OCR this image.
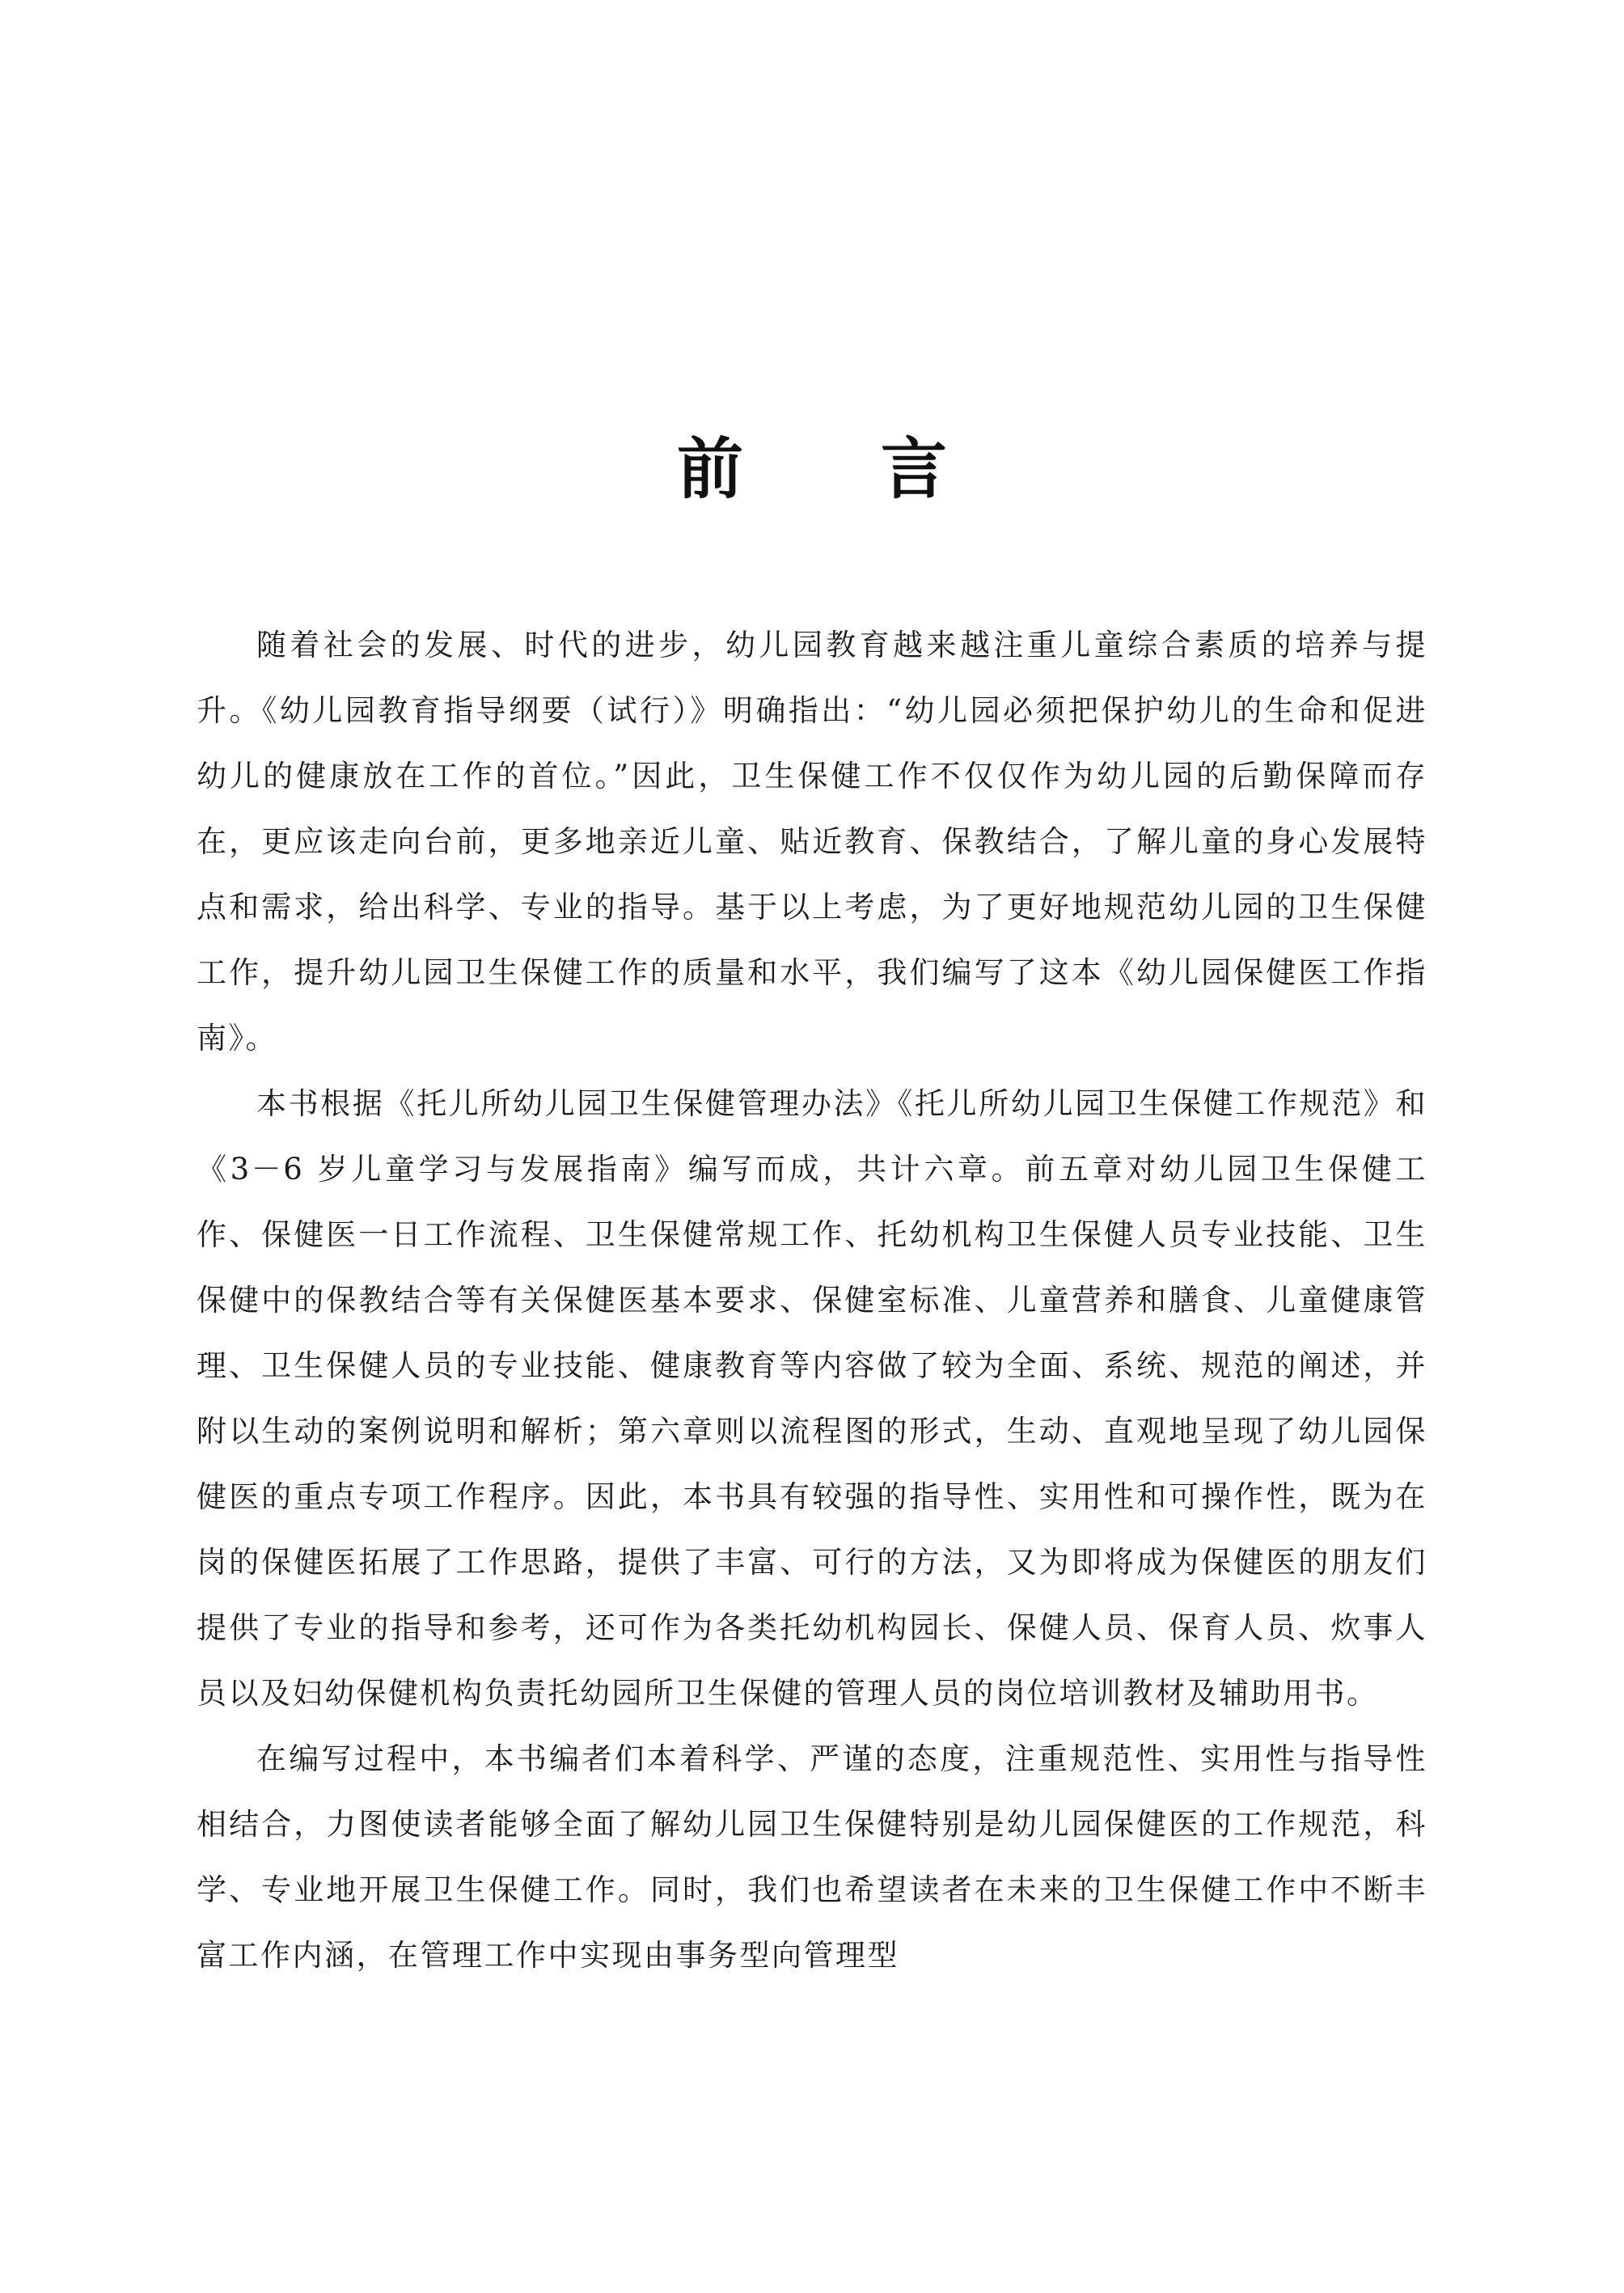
前言

随着社会的发展、时代的进步，幼儿园教育越来越注重儿童综合素质的培养与提升。《幼儿园教育指导纲要（试行）》明确指出：“幼儿园必须把保护幼儿的生命和促进幼儿的健康放在工作的首位。”因此，卫生保健工作不仅仅作为幼儿园的后勤保障而存在，更应该走向台前，更多地亲近儿童、贴近教育、保教结合，了解儿童的身心发展特点和需求，给出科学、专业的指导。基于以上考虑，为了更好地规范幼儿园的卫生保健工作，提升幼儿园卫生保健工作的质量和水平，我们编写了这本《幼儿园保健医工作指南》。

本书根据《托儿所幼儿园卫生保健管理办法》《托儿所幼儿园卫生保健工作规范》和《3－6 岁儿童学习与发展指南》编写而成，共计六章。前五章对幼儿园卫生保健工作、保健医一日工作流程、卫生保健常规工作、托幼机构卫生保健人员专业技能、卫生保健中的保教结合等有关保健医基本要求、保健室标准、儿童营养和膳食、儿童健康管理、卫生保健人员的专业技能、健康教育等内容做了较为全面、系统、规范的阐述，并附以生动的案例说明和解析；第六章则以流程图的形式，生动、直观地呈现了幼儿园保健医的重点专项工作程序。因此，本书具有较强的指导性、实用性和可操作性，既为在岗的保健医拓展了工作思路，提供了丰富、可行的方法，又为即将成为保健医的朋友们提供了专业的指导和参考，还可作为各类托幼机构园长、保健人员、保育人员、炊事人员以及妇幼保健机构负责托幼园所卫生保健的管理人员的岗位培训教材及辅助用书。

在编写过程中，本书编者们本着科学、严谨的态度，注重规范性、实用性与指导性相结合，力图使读者能够全面了解幼儿园卫生保健特别是幼儿园保健医的工作规范，科学、专业地开展卫生保健工作。同时，我们也希望读者在未来的卫生保健工作中不断丰富工作内涵，在管理工作中实现由事务型向管理型
